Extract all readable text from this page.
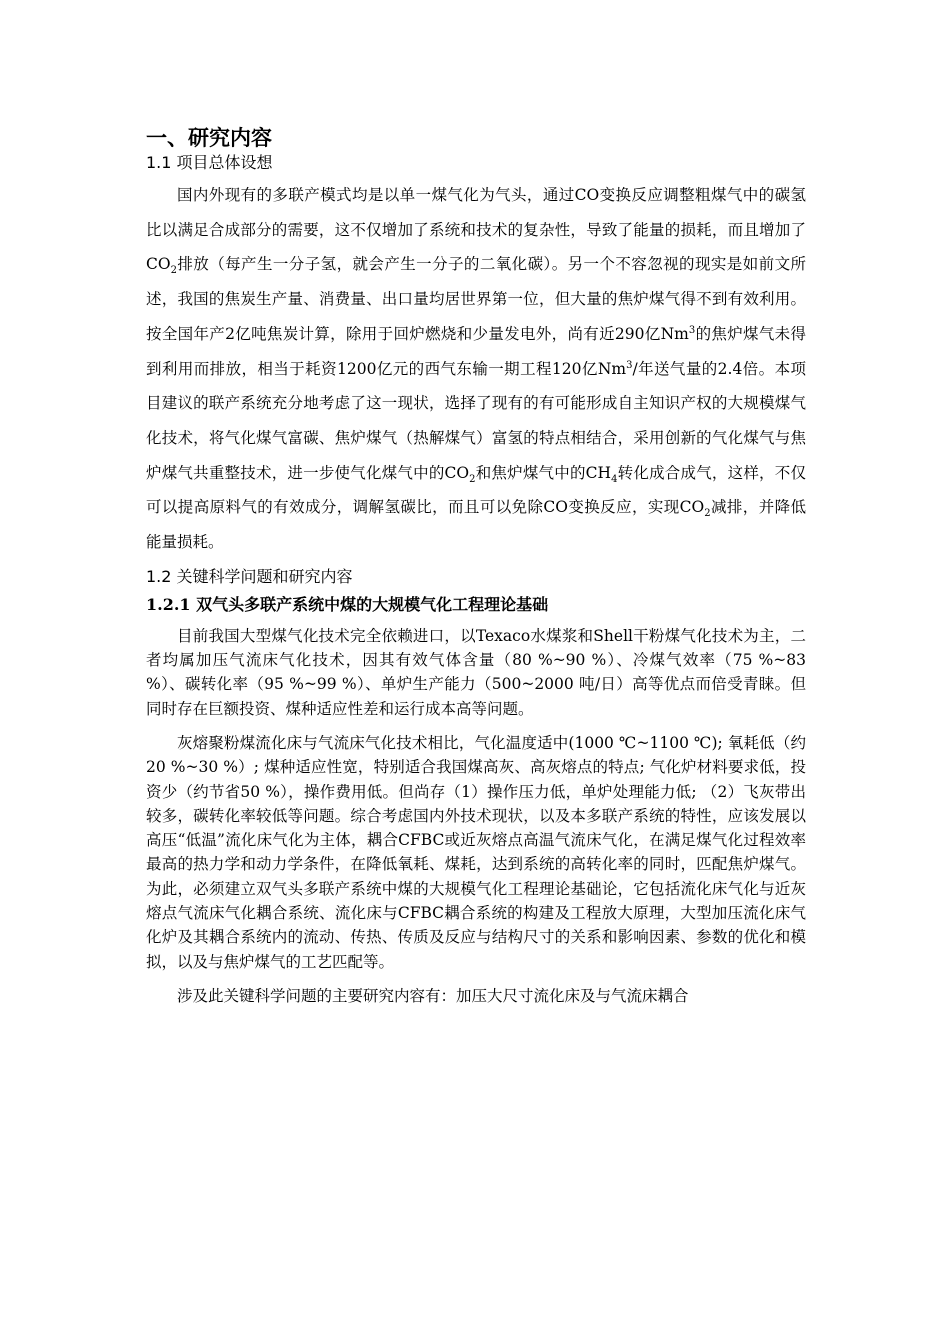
一、研究内容
1.1 项目总体设想

国内外现有的多联产模式均是以单一煤气化为气头，通过CO变换反应调整粗煤气中的碳氢比以满足合成部分的需要，这不仅增加了系统和技术的复杂性，导致了能量的损耗，而且增加了$CO_2$排放（每产生一分子氢，就会产生一分子的二氧化碳）。另一个不容忽视的现实是如前文所述，我国的焦炭生产量、消费量、出口量均居世界第一位，但大量的焦炉煤气得不到有效利用。按全国年产2亿吨焦炭计算，除用于回炉燃烧和少量发电外，尚有近290亿Nm$^3$的焦炉煤气未得到利用而排放，相当于耗资1200亿元的西气东输一期工程120亿Nm$^3$/年送气量的2.4倍。本项目建议的联产系统充分地考虑了这一现状，选择了现有的有可能形成自主知识产权的大规模煤气化技术，将气化煤气富碳、焦炉煤气（热解煤气）富氢的特点相结合，采用创新的气化煤气与焦炉煤气共重整技术，进一步使气化煤气中的$CO_2$和焦炉煤气中的$CH_4$转化成合成气，这样，不仅可以提高原料气的有效成分，调解氢碳比，而且可以免除CO变换反应，实现$CO_2$减排，并降低能量损耗。

1.2 关键科学问题和研究内容
1.2.1 双气头多联产系统中煤的大规模气化工程理论基础

目前我国大型煤气化技术完全依赖进口，以Texaco水煤浆和Shell干粉煤气化技术为主，二者均属加压气流床气化技术，因其有效气体含量（80 %~90 %）、冷煤气效率（75 %~83 %）、碳转化率（95 %~99 %）、单炉生产能力（500~2000 吨/日）高等优点而倍受青睐。但同时存在巨额投资、煤种适应性差和运行成本高等问题。

灰熔聚粉煤流化床与气流床气化技术相比，气化温度适中(1000 ℃~1100 ℃); 氧耗低（约20 %~30 %）; 煤种适应性宽，特别适合我国煤高灰、高灰熔点的特点; 气化炉材料要求低，投资少（约节省50 %），操作费用低。但尚存（1）操作压力低，单炉处理能力低; （2）飞灰带出较多，碳转化率较低等问题。综合考虑国内外技术现状，以及本多联产系统的特性，应该发展以高压“低温”流化床气化为主体，耦合CFBC或近灰熔点高温气流床气化，在满足煤气化过程效率最高的热力学和动力学条件，在降低氧耗、煤耗，达到系统的高转化率的同时，匹配焦炉煤气。为此，必须建立双气头多联产系统中煤的大规模气化工程理论基础论，它包括流化床气化与近灰熔点气流床气化耦合系统、流化床与CFBC耦合系统的构建及工程放大原理，大型加压流化床气化炉及其耦合系统内的流动、传热、传质及反应与结构尺寸的关系和影响因素、参数的优化和模拟，以及与焦炉煤气的工艺匹配等。

涉及此关键科学问题的主要研究内容有：加压大尺寸流化床及与气流床耦合
